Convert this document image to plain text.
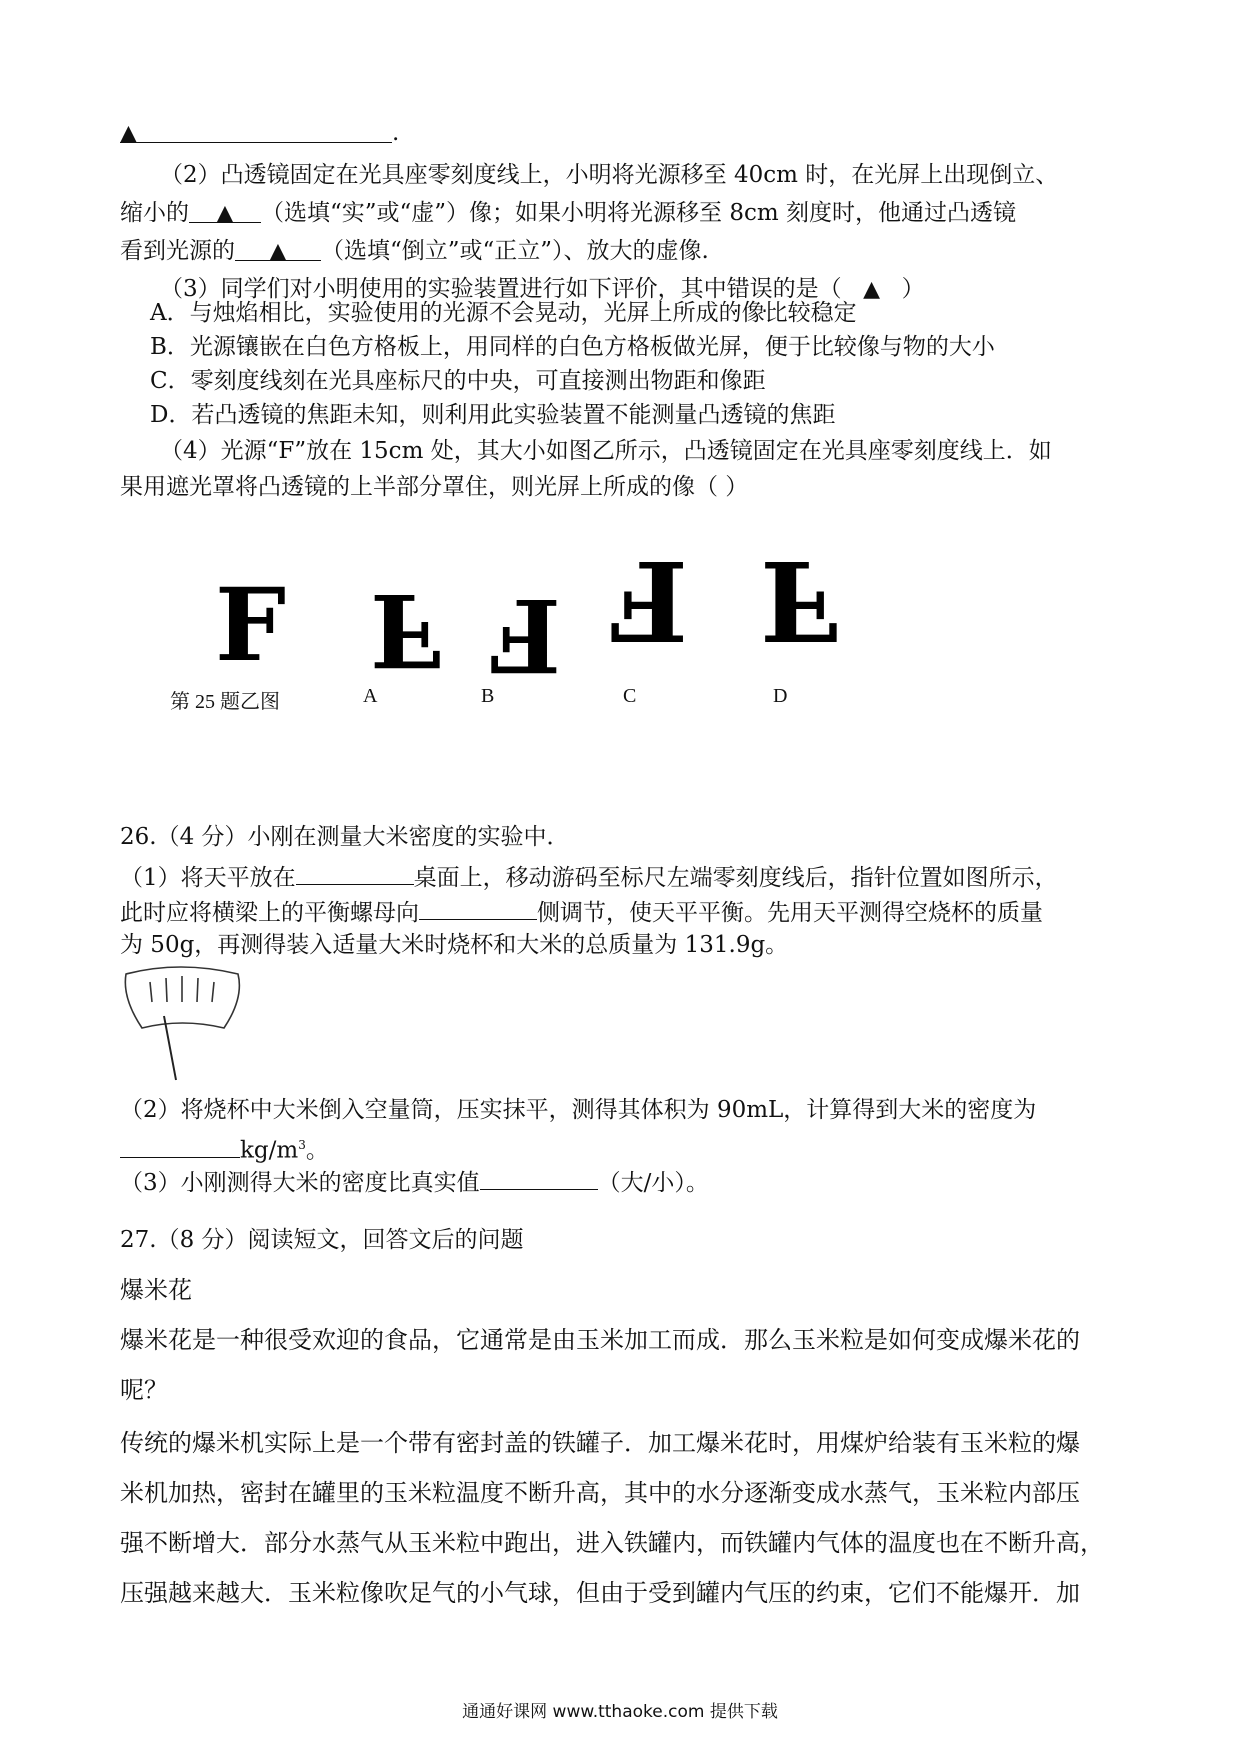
▲	.
（2）凸透镜固定在光具座零刻度线上，小明将光源移至 40cm 时，在光屏上出现倒立、
缩小的 ▲ （选填“实”或“虚”）像；如果小明将光源移至 8cm 刻度时，他通过凸透镜
看到光源的 ▲ （选填“倒立”或“正立”）、放大的虚像.
（3）同学们对小明使用的实验装置进行如下评价，其中错误 · ·的是（ ▲ ）
A．与烛焰相比，实验使用的光源不会晃动，光屏上所成的像比较稳定
B．光源镶嵌在白色方格板上，用同样的白色方格板做光屏，便于比较像与物的大小
C．零刻度线刻在光具座标尺的中央，可直接测出物距和像距
D．若凸透镜的焦距未知，则利用此实验装置不能测量凸透镜的焦距
（4）光源“F”放在 15cm 处，其大小如图乙所示，凸透镜固定在光具座零刻度线上．如
果用遮光罩将凸透镜的上半部分罩住，则光屏上所成的像（ ）
F F F F F
第 25 题乙图	A	B	C	D
26.（4 分）小刚在测量大米密度的实验中．
（1）将天平放在	桌面上，移动游码至标尺左端零刻度线后，指针位置如图所示，
此时应将横梁上的平衡螺母向	侧调节，使天平平衡。先用天平测得空烧杯的质量
为 50g，再测得装入适量大米时烧杯和大米的总质量为 131.9g。
（2）将烧杯中大米倒入空量筒，压实抹平，测得其体积为 90mL，计算得到大米的密度为
$kg/m^3$。
（3）小刚测得大米的密度比真实值	（大/小）。
27.（8 分）阅读短文，回答文后的问题
爆米花
爆米花是一种很受欢迎的食品，它通常是由玉米加工而成．那么玉米粒是如何变成爆米花的
呢？
传统的爆米机实际上是一个带有密封盖的铁罐子．加工爆米花时，用煤炉给装有玉米粒的爆
米机加热，密封在罐里的玉米粒温度不断升高，其中的水分逐渐变成水蒸气，玉米粒内部压
强不断增大．部分水蒸气从玉米粒中跑出，进入铁罐内，而铁罐内气体的温度也在不断升高，
压强越来越大．玉米粒像吹足气的小气球，但由于受到罐内气压的约束，它们不能爆开．加
通通好课网 www.tthaoke.com 提供下载
